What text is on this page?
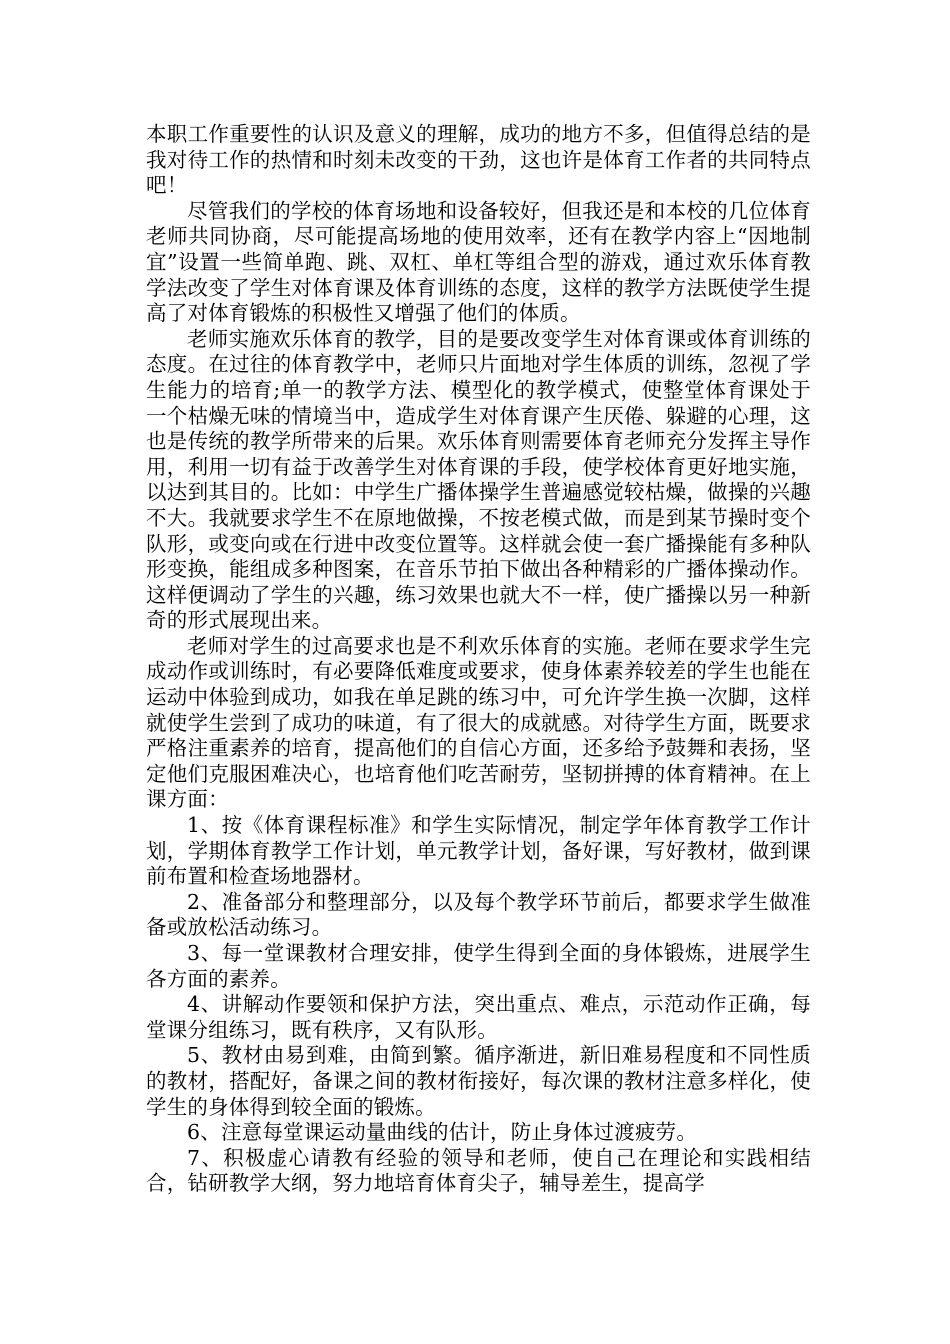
本职工作重要性的认识及意义的理解，成功的地方不多，但值得总结的是我对待工作的热情和时刻未改变的干劲，这也许是体育工作者的共同特点吧！

尽管我们的学校的体育场地和设备较好，但我还是和本校的几位体育老师共同协商，尽可能提高场地的使用效率，还有在教学内容上“因地制宜”设置一些简单跑、跳、双杠、单杠等组合型的游戏，通过欢乐体育教学法改变了学生对体育课及体育训练的态度，这样的教学方法既使学生提高了对体育锻炼的积极性又增强了他们的体质。

老师实施欢乐体育的教学，目的是要改变学生对体育课或体育训练的态度。在过往的体育教学中，老师只片面地对学生体质的训练，忽视了学生能力的培育;单一的教学方法、模型化的教学模式，使整堂体育课处于一个枯燥无味的情境当中，造成学生对体育课产生厌倦、躲避的心理，这也是传统的教学所带来的后果。欢乐体育则需要体育老师充分发挥主导作用，利用一切有益于改善学生对体育课的手段，使学校体育更好地实施，以达到其目的。比如：中学生广播体操学生普遍感觉较枯燥，做操的兴趣不大。我就要求学生不在原地做操，不按老模式做，而是到某节操时变个队形，或变向或在行进中改变位置等。这样就会使一套广播操能有多种队形变换，能组成多种图案，在音乐节拍下做出各种精彩的广播体操动作。这样便调动了学生的兴趣，练习效果也就大不一样，使广播操以另一种新奇的形式展现出来。

老师对学生的过高要求也是不利欢乐体育的实施。老师在要求学生完成动作或训练时，有必要降低难度或要求，使身体素养较差的学生也能在运动中体验到成功，如我在单足跳的练习中，可允许学生换一次脚，这样就使学生尝到了成功的味道，有了很大的成就感。对待学生方面，既要求严格注重素养的培育，提高他们的自信心方面，还多给予鼓舞和表扬，坚定他们克服困难决心，也培育他们吃苦耐劳，坚韧拼搏的体育精神。在上课方面：

1、按《体育课程标准》和学生实际情况，制定学年体育教学工作计划，学期体育教学工作计划，单元教学计划，备好课，写好教材，做到课前布置和检查场地器材。

2、准备部分和整理部分，以及每个教学环节前后，都要求学生做准备或放松活动练习。

3、每一堂课教材合理安排，使学生得到全面的身体锻炼，进展学生各方面的素养。

4、讲解动作要领和保护方法，突出重点、难点，示范动作正确，每堂课分组练习，既有秩序，又有队形。

5、教材由易到难，由简到繁。循序渐进，新旧难易程度和不同性质的教材，搭配好，备课之间的教材衔接好，每次课的教材注意多样化，使学生的身体得到较全面的锻炼。

6、注意每堂课运动量曲线的估计，防止身体过渡疲劳。

7、积极虚心请教有经验的领导和老师，使自己在理论和实践相结合，钻研教学大纲，努力地培育体育尖子，辅导差生，提高学
